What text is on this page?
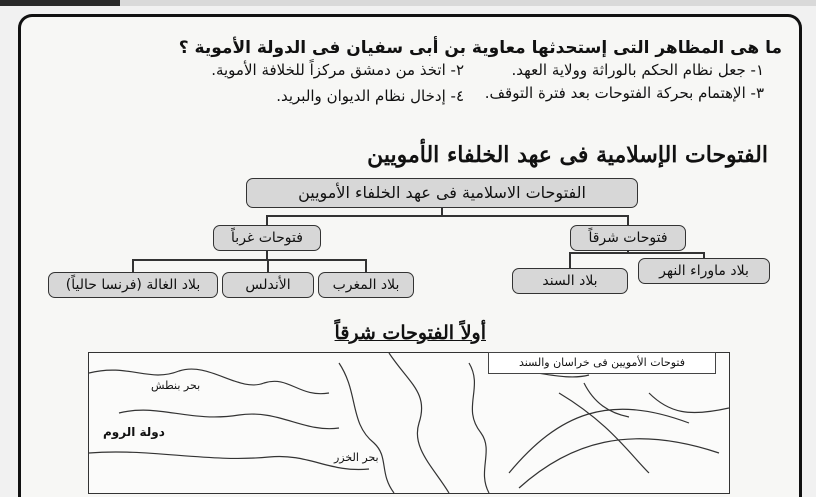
ما هى المظاهر التى إستحدثها معاوية بن أبى سفيان فى الدولة الأموية ؟
١- جعل نظام الحكم بالوراثة وولاية العهد.
٢- اتخذ من دمشق مركزاً للخلافة الأموية.
٣- الإهتمام بحركة الفتوحات بعد فترة التوقف.
٤- إدخال نظام الديوان والبريد.
الفتوحات الإسلامية فى عهد الخلفاء الأمويين
الفتوحات الاسلامية فى عهد الخلفاء الأمويين
فتوحات غرباً	فتوحات شرقاً
بلاد المغرب
الأندلس
بلاد الغالة (فرنسا حالياً)	بلاد السند
بلاد ماوراء النهر
أولاً الفتوحات شرقاً
بحر بنطش
دولة الروم
بحر الخزر
فتوحات الأمويين فى خراسان والسند
